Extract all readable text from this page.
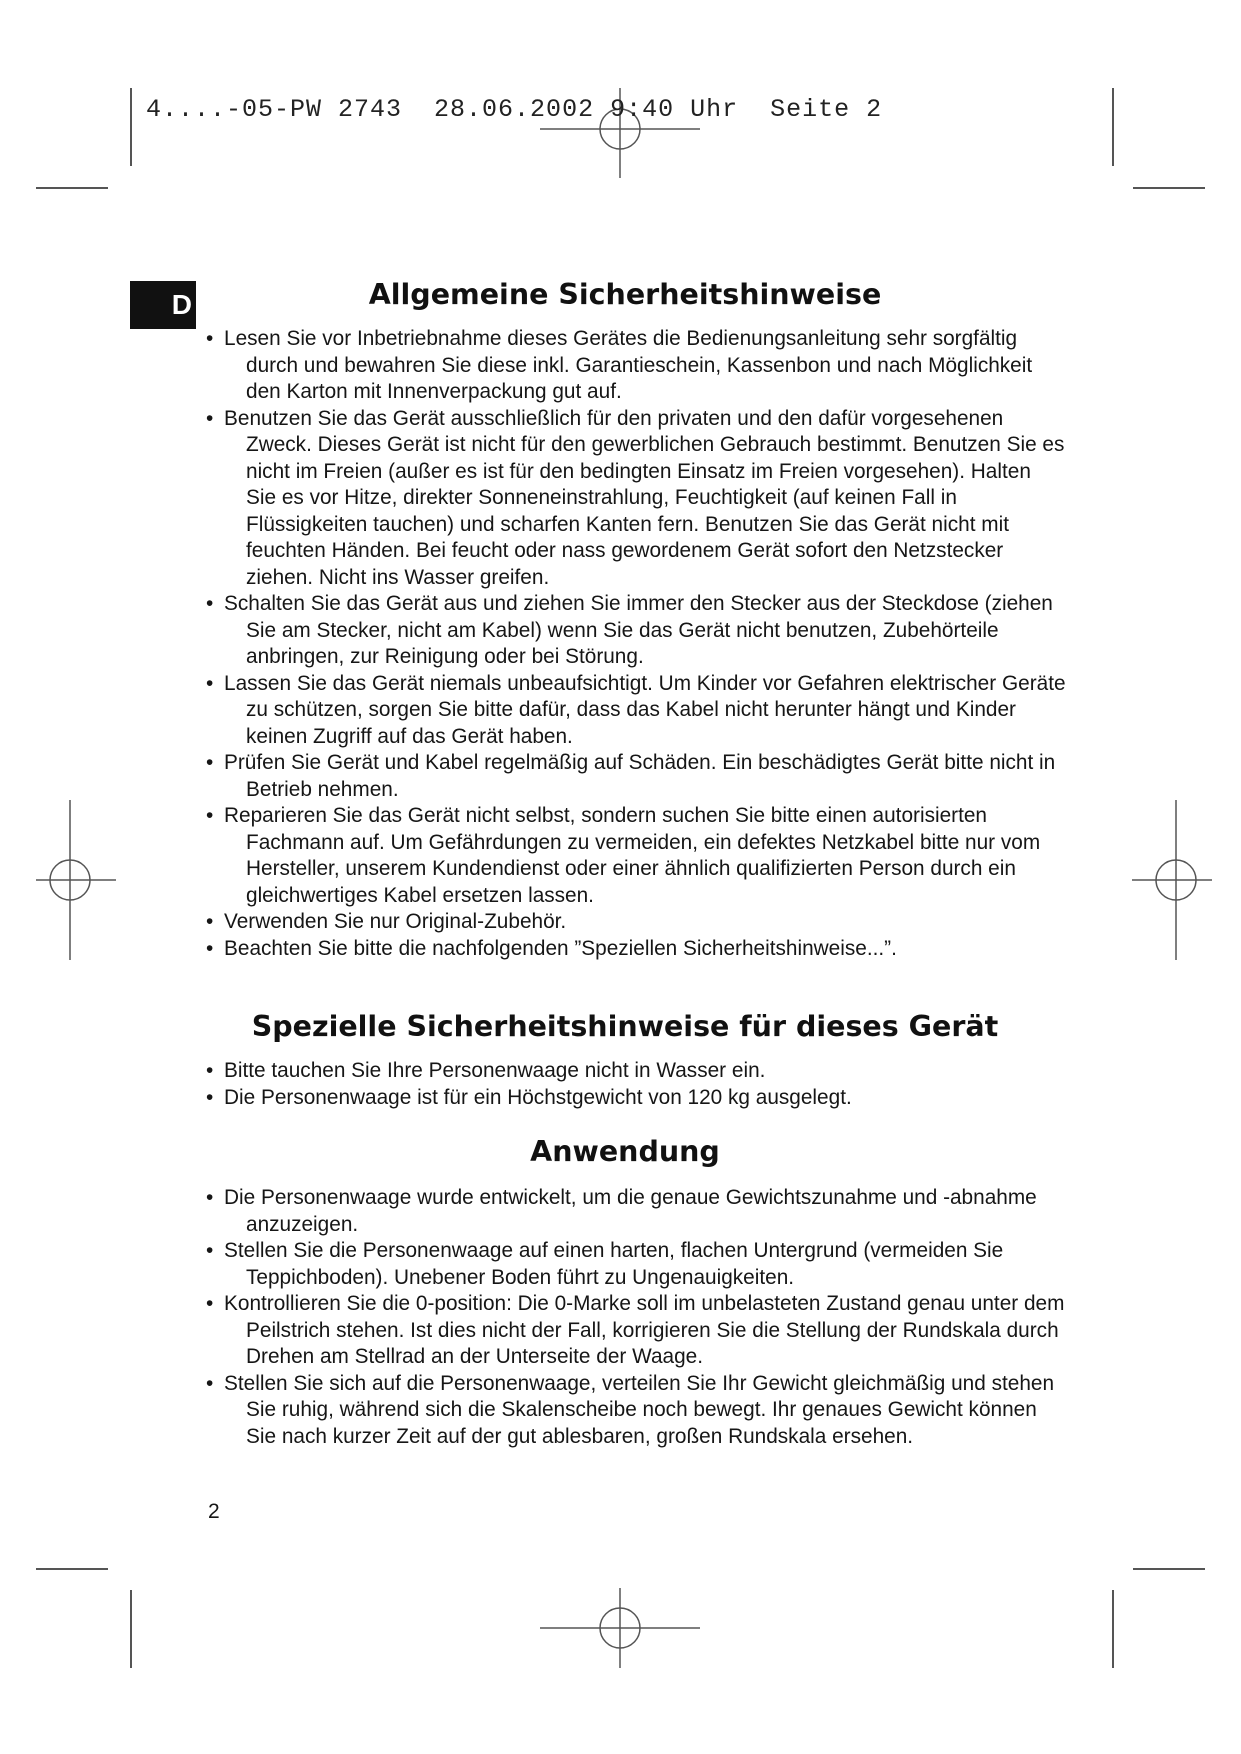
4....-05-PW 2743  28.06.2002 9:40 Uhr  Seite 2
D	Allgemeine Sicherheitshinweise
• Lesen Sie vor Inbetriebnahme dieses Gerätes die Bedienungsanleitung sehr sorgfältig durch und bewahren Sie diese inkl. Garantieschein, Kassenbon und nach Möglichkeit den Karton mit Innenverpackung gut auf.
• Benutzen Sie das Gerät ausschließlich für den privaten und den dafür vorgesehenen Zweck. Dieses Gerät ist nicht für den gewerblichen Gebrauch bestimmt. Benutzen Sie es nicht im Freien (außer es ist für den bedingten Einsatz im Freien vorgesehen). Halten Sie es vor Hitze, direkter Sonneneinstrahlung, Feuchtigkeit (auf keinen Fall in Flüssigkeiten tauchen) und scharfen Kanten fern. Benutzen Sie das Gerät nicht mit feuchten Händen. Bei feucht oder nass gewordenem Gerät sofort den Netzstecker ziehen. Nicht ins Wasser greifen.
• Schalten Sie das Gerät aus und ziehen Sie immer den Stecker aus der Steckdose (ziehen Sie am Stecker, nicht am Kabel) wenn Sie das Gerät nicht benutzen, Zubehörteile anbringen, zur Reinigung oder bei Störung.
• Lassen Sie das Gerät niemals unbeaufsichtigt. Um Kinder vor Gefahren elektrischer Geräte zu schützen, sorgen Sie bitte dafür, dass das Kabel nicht herunter hängt und Kinder keinen Zugriff auf das Gerät haben.
• Prüfen Sie Gerät und Kabel regelmäßig auf Schäden. Ein beschädigtes Gerät bitte nicht in Betrieb nehmen.
• Reparieren Sie das Gerät nicht selbst, sondern suchen Sie bitte einen autorisierten Fachmann auf. Um Gefährdungen zu vermeiden, ein defektes Netzkabel bitte nur vom Hersteller, unserem Kundendienst oder einer ähnlich qualifizierten Person durch ein gleichwertiges Kabel ersetzen lassen.
• Verwenden Sie nur Original-Zubehör.
• Beachten Sie bitte die nachfolgenden ”Speziellen Sicherheitshinweise...”.
Spezielle Sicherheitshinweise für dieses Gerät
• Bitte tauchen Sie Ihre Personenwaage nicht in Wasser ein.
• Die Personenwaage ist für ein Höchstgewicht von 120 kg ausgelegt.
Anwendung
• Die Personenwaage wurde entwickelt, um die genaue Gewichtszunahme und -abnahme anzuzeigen.
• Stellen Sie die Personenwaage auf einen harten, flachen Untergrund (vermeiden Sie Teppichboden). Unebener Boden führt zu Ungenauigkeiten.
• Kontrollieren Sie die 0-position: Die 0-Marke soll im unbelasteten Zustand genau unter dem Peilstrich stehen. Ist dies nicht der Fall, korrigieren Sie die Stellung der Rundskala durch Drehen am Stellrad an der Unterseite der Waage.
• Stellen Sie sich auf die Personenwaage, verteilen Sie Ihr Gewicht gleichmäßig und stehen Sie ruhig, während sich die Skalenscheibe noch bewegt. Ihr genaues Gewicht können Sie nach kurzer Zeit auf der gut ablesbaren, großen Rundskala ersehen.
2
